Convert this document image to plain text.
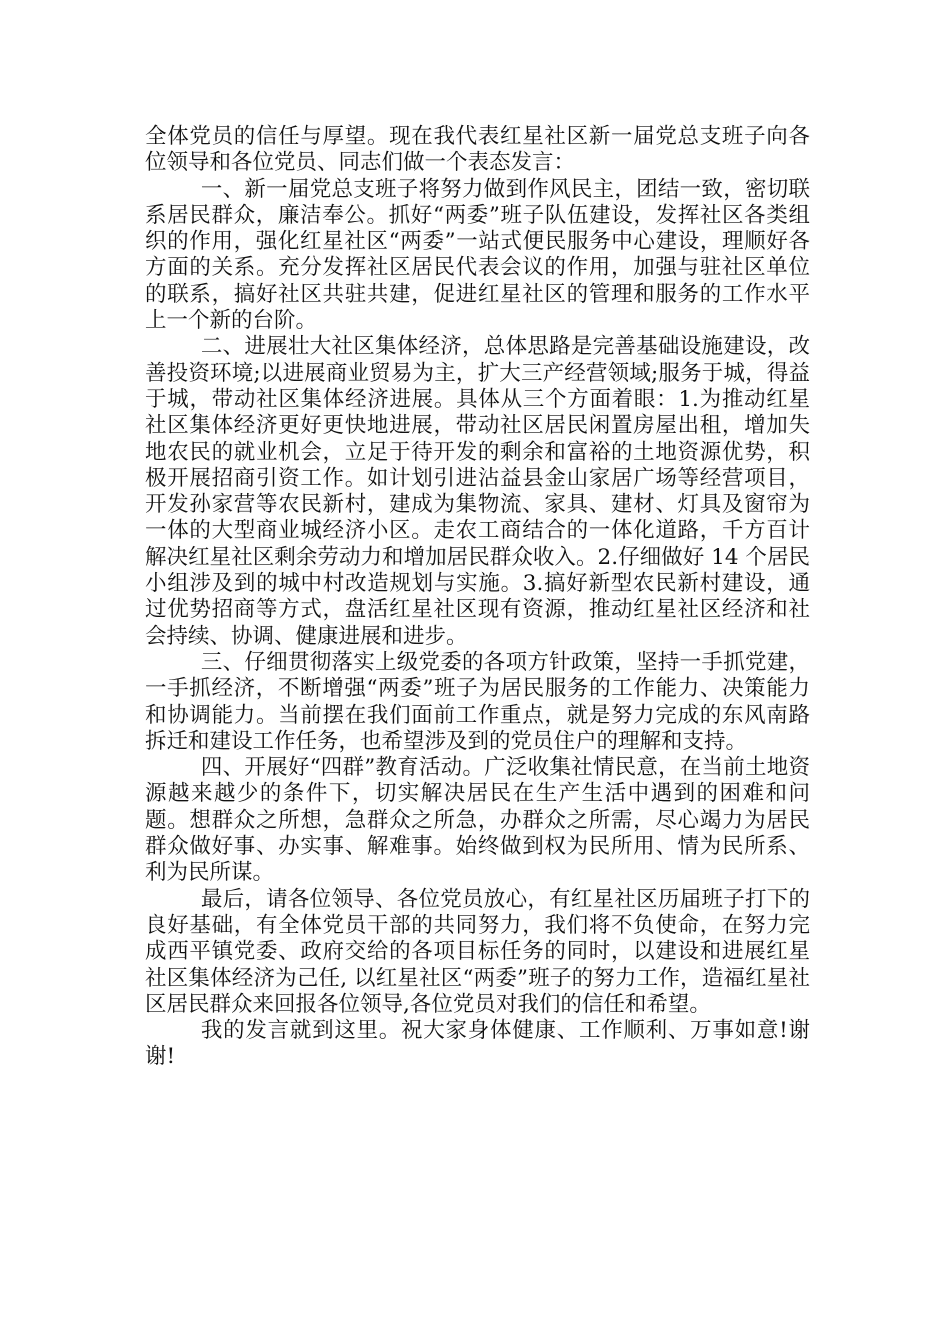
全体党员的信任与厚望。现在我代表红星社区新一届党总支班子向各位领导和各位党员、同志们做一个表态发言：

一、新一届党总支班子将努力做到作风民主，团结一致，密切联系居民群众，廉洁奉公。抓好“两委”班子队伍建设，发挥社区各类组织的作用，强化红星社区“两委”一站式便民服务中心建设，理顺好各方面的关系。充分发挥社区居民代表会议的作用，加强与驻社区单位的联系，搞好社区共驻共建，促进红星社区的管理和服务的工作水平上一个新的台阶。

二、进展壮大社区集体经济，总体思路是完善基础设施建设，改善投资环境;以进展商业贸易为主，扩大三产经营领域;服务于城，得益于城，带动社区集体经济进展。具体从三个方面着眼：1.为推动红星社区集体经济更好更快地进展，带动社区居民闲置房屋出租，增加失地农民的就业机会，立足于待开发的剩余和富裕的土地资源优势，积极开展招商引资工作。如计划引进沾益县金山家居广场等经营项目，开发孙家营等农民新村，建成为集物流、家具、建材、灯具及窗帘为一体的大型商业城经济小区。走农工商结合的一体化道路，千方百计解决红星社区剩余劳动力和增加居民群众收入。2.仔细做好 14 个居民小组涉及到的城中村改造规划与实施。3.搞好新型农民新村建设，通过优势招商等方式，盘活红星社区现有资源，推动红星社区经济和社会持续、协调、健康进展和进步。

三、仔细贯彻落实上级党委的各项方针政策，坚持一手抓党建，一手抓经济，不断增强“两委”班子为居民服务的工作能力、决策能力和协调能力。当前摆在我们面前工作重点，就是努力完成的东风南路拆迁和建设工作任务，也希望涉及到的党员住户的理解和支持。

四、开展好“四群”教育活动。广泛收集社情民意，在当前土地资源越来越少的条件下，切实解决居民在生产生活中遇到的困难和问题。想群众之所想，急群众之所急，办群众之所需，尽心竭力为居民群众做好事、办实事、解难事。始终做到权为民所用、情为民所系、利为民所谋。

最后，请各位领导、各位党员放心，有红星社区历届班子打下的良好基础，有全体党员干部的共同努力，我们将不负使命，在努力完成西平镇党委、政府交给的各项目标任务的同时，以建设和进展红星社区集体经济为己任, 以红星社区“两委”班子的努力工作，造福红星社区居民群众来回报各位领导,各位党员对我们的信任和希望。

我的发言就到这里。祝大家身体健康、工作顺利、万事如意!谢谢!
